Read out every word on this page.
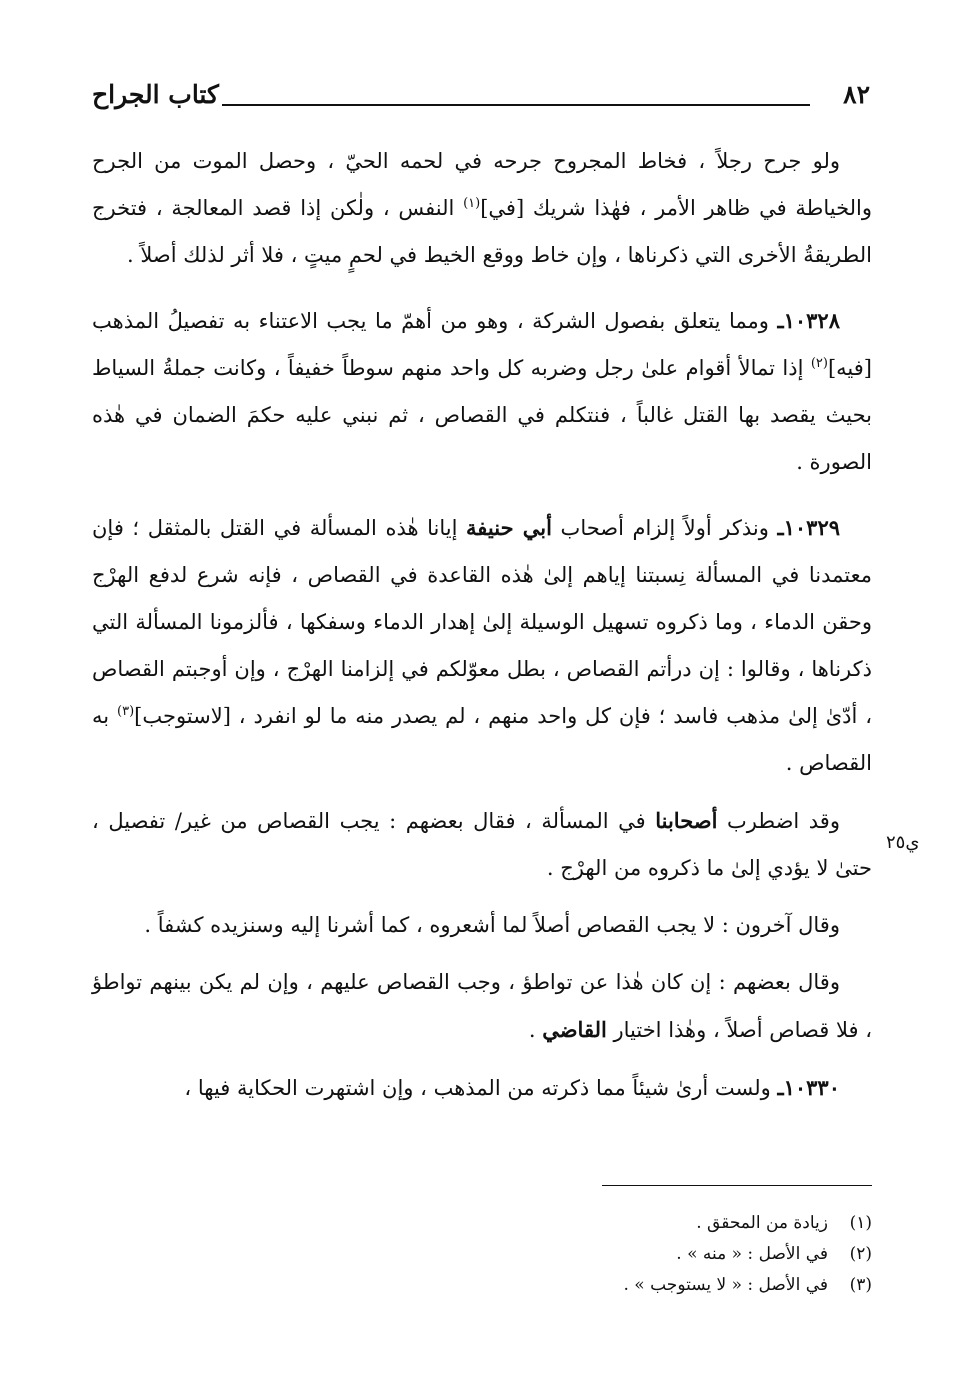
٨٢
كتاب الجراح

ولو جرح رجلاً ، فخاط المجروح جرحه في لحمه الحيّ ، وحصل الموت من الجرح والخياطة في ظاهر الأمر ، فهٰذا شريك [في]$^{(١)}$ النفس ، ولٰكن إذا قصد المعالجة ، فتخرج الطريقةُ الأخرى التي ذكرناها ، وإن خاط ووقع الخيط في لحمٍ ميتٍ ، فلا أثر لذلك أصلاً .

١٠٣٢٨ـ ومما يتعلق بفصول الشركة ، وهو من أهمّ ما يجب الاعتناء به تفصيلُ المذهب [فيه]$^{(٢)}$ إذا تمالأ أقوام علىٰ رجل وضربه كل واحد منهم سوطاً خفيفاً ، وكانت جملةُ السياط بحيث يقصد بها القتل غالباً ، فنتكلم في القصاص ، ثم نبني عليه حكمَ الضمان في هٰذه الصورة .

١٠٣٢٩ـ ونذكر أولاً إلزام أصحاب أبي حنيفة إيانا هٰذه المسألة في القتل بالمثقل ؛ فإن معتمدنا في المسألة نِسبتنا إياهم إلىٰ هٰذه القاعدة في القصاص ، فإنه شرع لدفع الهرْج وحقن الدماء ، وما ذكروه تسهيل الوسيلة إلىٰ إهدار الدماء وسفكها ، فألزمونا المسألة التي ذكرناها ، وقالوا : إن درأتم القصاص ، بطل معوّلكم في إلزامنا الهرْج ، وإن أوجبتم القصاص ، أدّىٰ إلىٰ مذهب فاسد ؛ فإن كل واحد منهم ، لم يصدر منه ما لو انفرد ، [لاستوجب]$^{(٣)}$ به القصاص .

وقد اضطرب أصحابنا في المسألة ، فقال بعضهم : يجب القصاص من غير/ تفصيل ، حتىٰ لا يؤدي إلىٰ ما ذكروه من الهرْج .

وقال آخرون : لا يجب القصاص أصلاً لما أشعروه ، كما أشرنا إليه وسنزيده كشفاً .

وقال بعضهم : إن كان هٰذا عن تواطؤ ، وجب القصاص عليهم ، وإن لم يكن بينهم تواطؤ ، فلا قصاص أصلاً ، وهٰذا اختيار القاضي .

١٠٣٣٠ـ ولست أرىٰ شيئاً مما ذكرته من المذهب ، وإن اشتهرت الحكاية فيها ،

ي٢٥
(١)
زيادة من المحقق .
(٢)
في الأصل : « منه » .
(٣)
في الأصل : « لا يستوجب » .
